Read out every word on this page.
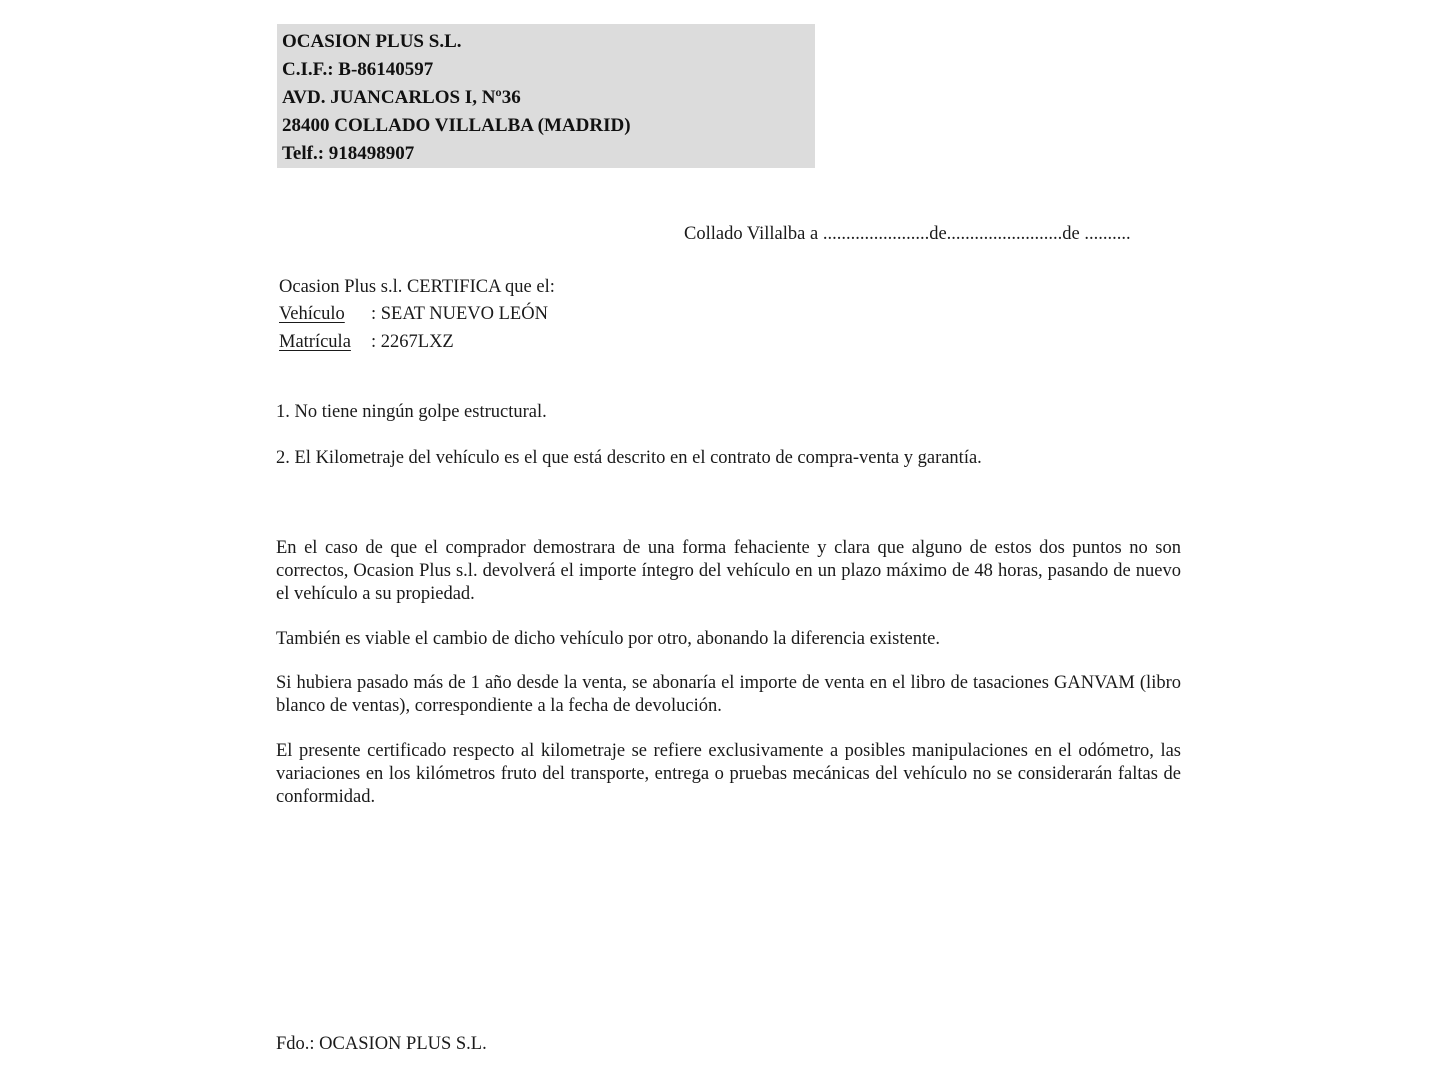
OCASION PLUS S.L.
C.I.F.: B-86140597
AVD. JUANCARLOS I, Nº36
28400 COLLADO VILLALBA (MADRID)
Telf.: 918498907
Collado Villalba a .......................de.........................de ..........
Ocasion Plus s.l. CERTIFICA que el:
Vehículo	: SEAT NUEVO LEÓN
Matrícula	: 2267LXZ
1. No tiene ningún golpe estructural.
2. El Kilometraje del vehículo es el que está descrito en el contrato de compra-venta y garantía.
En el caso de que el comprador demostrara de una forma fehaciente y clara que alguno de estos dos puntos no son correctos, Ocasion Plus s.l. devolverá el importe íntegro del vehículo en un plazo máximo de 48 horas, pasando de nuevo el vehículo a su propiedad.
También es viable el cambio de dicho vehículo por otro, abonando la diferencia existente.
Si hubiera pasado más de 1 año desde la venta, se abonaría el importe de venta en el libro de tasaciones GANVAM (libro blanco de ventas), correspondiente a la fecha de devolución.
El presente certificado respecto al kilometraje se refiere exclusivamente a posibles manipulaciones en el odómetro, las variaciones en los kilómetros fruto del transporte, entrega o pruebas mecánicas del vehículo no se considerarán faltas de conformidad.
Fdo.: OCASION PLUS S.L.
